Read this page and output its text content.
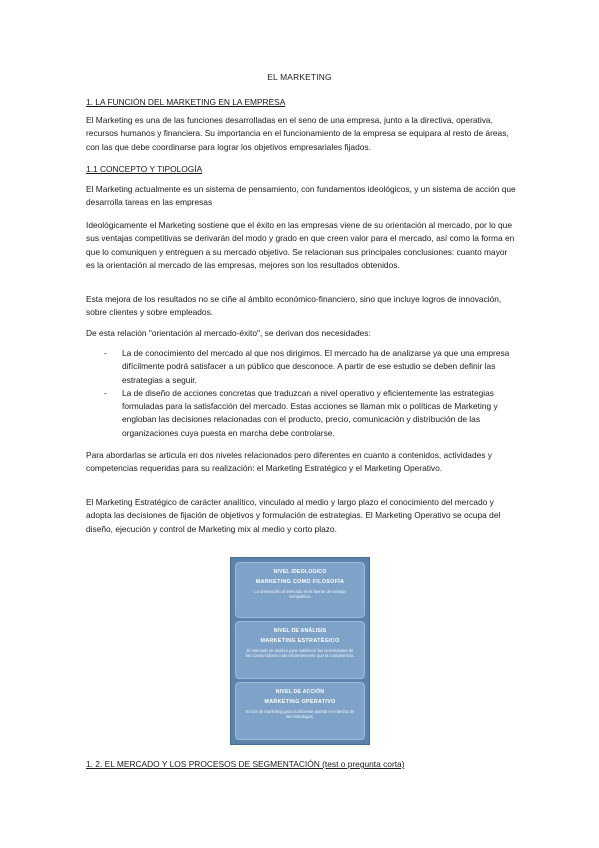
EL MARKETING
1. LA FUNCIÓN DEL MARKETING EN LA EMPRESA

El Marketing es una de las funciones desarrolladas en el seno de una empresa, junto a la directiva, operativa, recursos humanos y financiera. Su importancia en el funcionamiento de la empresa se equipara al resto de áreas, con las que debe coordinarse para lograr los objetivos empresariales fijados.

1.1 CONCEPTO Y TIPOLOGÍA

El Marketing actualmente es un sistema de pensamiento, con fundamentos ideológicos, y un sistema de acción que desarrolla tareas en las empresas

Ideológicamente el Marketing sostiene que el éxito en las empresas viene de su orientación al mercado, por lo que sus ventajas competitivas se derivarán del modo y grado en que creen valor para el mercado, así como la forma en que lo comuniquen y entreguen a su mercado objetivo. Se relacionan sus principales conclusiones: cuanto mayor es la orientación al mercado de las empresas, mejores son los resultados obtenidos.

Esta mejora de los resultados no se ciñe al ámbito económico-financiero, sino que incluye logros de innovación, sobre clientes y sobre empleados.

De esta relación "orientación al mercado-éxito", se derivan dos necesidades:

- La de conocimiento del mercado al que nos dirigimos. El mercado ha de analizarse ya que una empresa difícilmente podrá satisfacer a un público que desconoce. A partir de ese estudio se deben definir las estrategias a seguir.
- La de diseño de acciones concretas que traduzcan a nivel operativo y eficientemente las estrategias formuladas para la satisfacción del mercado. Estas acciones se llaman mix o políticas de Marketing y engloban las decisiones relacionadas con el producto, precio, comunicación y distribución de las organizaciones cuya puesta en marcha debe controlarse.

Para abordarlas se articula en dos niveles relacionados pero diferentes en cuanto a contenidos, actividades y competencias requeridas para su realización: el Marketing Estratégico y el Marketing Operativo.

El Marketing Estratégico de carácter analítico, vinculado al medio y largo plazo el conocimiento del mercado y adopta las decisiones de fijación de objetivos y formulación de estrategias. El Marketing Operativo se ocupa del diseño, ejecución y control de Marketing mix al medio y corto plazo.

NIVEL IDEOLOGICO
MARKETING COMO FILOSOFÍA
La orientación al mercado es la fuente de ventaja competitiva.
NIVEL DE ANÁLISIS
MARKETING ESTRATÉGICO
El mercado se analiza para satisfacer las necesidades de los consumidores más eficientemente que la competencia.
NIVEL DE ACCIÓN
MARKETING OPERATIVO
El mix de marketing para la eficiente puesta en marcha de las estrategias.
1. 2. EL MERCADO Y LOS PROCESOS DE SEGMENTACIÓN (test o pregunta corta)
